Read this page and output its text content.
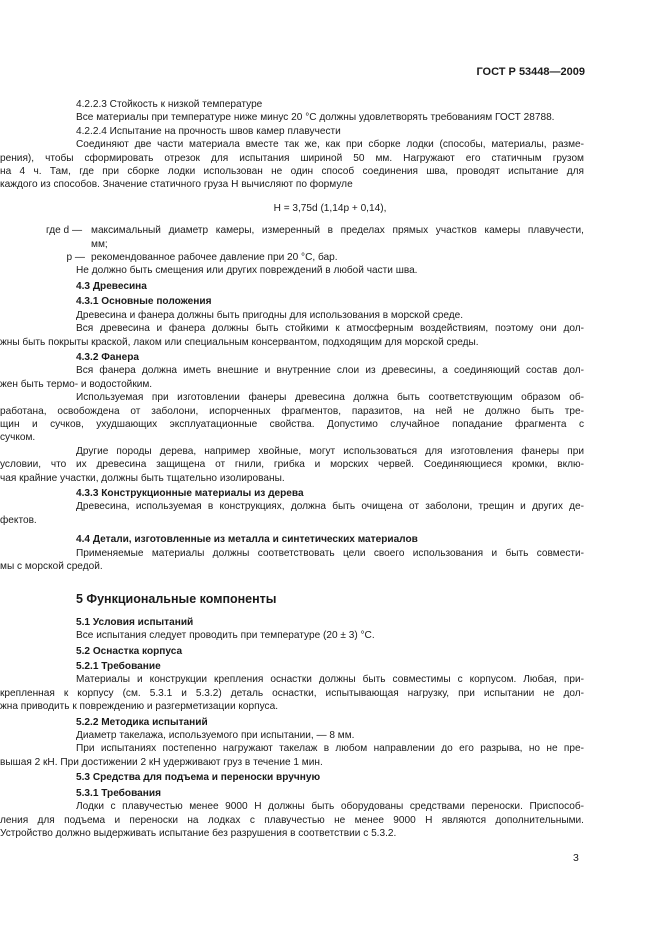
ГОСТ Р 53448—2009
4.2.2.3 Стойкость к низкой температуре
Все материалы при температуре ниже минус 20 °С должны удовлетворять требованиям ГОСТ 28788.
4.2.2.4 Испытание на прочность швов камер плавучести
Соединяют две части материала вместе так же, как при сборке лодки (способы, материалы, разме-
рения), чтобы сформировать отрезок для испытания шириной 50 мм. Нагружают его статичным грузом
на 4 ч. Там, где при сборке лодки использован не один способ соединения шва, проводят испытание для
каждого из способов. Значение статичного груза H вычисляют по формуле
H = 3,75d (1,14p + 0,14),
где d — максимальный диаметр камеры, измеренный в пределах прямых участков камеры плавучести,
мм;
p — рекомендованное рабочее давление при 20 °С, бар.
Не должно быть смещения или других повреждений в любой части шва.
4.3 Древесина
4.3.1 Основные положения
Древесина и фанера должны быть пригодны для использования в морской среде.
Вся древесина и фанера должны быть стойкими к атмосферным воздействиям, поэтому они дол-
жны быть покрыты краской, лаком или специальным консервантом, подходящим для морской среды.
4.3.2 Фанера
Вся фанера должна иметь внешние и внутренние слои из древесины, а соединяющий состав дол-
жен быть термо- и водостойким.
Используемая при изготовлении фанеры древесина должна быть соответствующим образом об-
работана, освобождена от заболони, испорченных фрагментов, паразитов, на ней не должно быть тре-
щин и сучков, ухудшающих эксплуатационные свойства. Допустимо случайное попадание фрагмента с
сучком.
Другие породы дерева, например хвойные, могут использоваться для изготовления фанеры при
условии, что их древесина защищена от гнили, грибка и морских червей. Соединяющиеся кромки, вклю-
чая крайние участки, должны быть тщательно изолированы.
4.3.3 Конструкционные материалы из дерева
Древесина, используемая в конструкциях, должна быть очищена от заболони, трещин и других де-
фектов.
4.4 Детали, изготовленные из металла и синтетических материалов
Применяемые материалы должны соответствовать цели своего использования и быть совмести-
мы с морской средой.
5 Функциональные компоненты
5.1 Условия испытаний
Все испытания следует проводить при температуре (20 ± 3) °С.
5.2 Оснастка корпуса
5.2.1 Требование
Материалы и конструкции крепления оснастки должны быть совместимы с корпусом. Любая, при-
крепленная к корпусу (см. 5.3.1 и 5.3.2) деталь оснастки, испытывающая нагрузку, при испытании не дол-
жна приводить к повреждению и разгерметизации корпуса.
5.2.2 Методика испытаний
Диаметр такелажа, используемого при испытании, — 8 мм.
При испытаниях постепенно нагружают такелаж в любом направлении до его разрыва, но не пре-
вышая 2 кН. При достижении 2 кН удерживают груз в течение 1 мин.
5.3 Средства для подъема и переноски вручную
5.3.1 Требования
Лодки с плавучестью менее 9000 Н должны быть оборудованы средствами переноски. Приспособ-
ления для подъема и переноски на лодках с плавучестью не менее 9000 Н являются дополнительными.
Устройство должно выдерживать испытание без разрушения в соответствии с 5.3.2.
3
